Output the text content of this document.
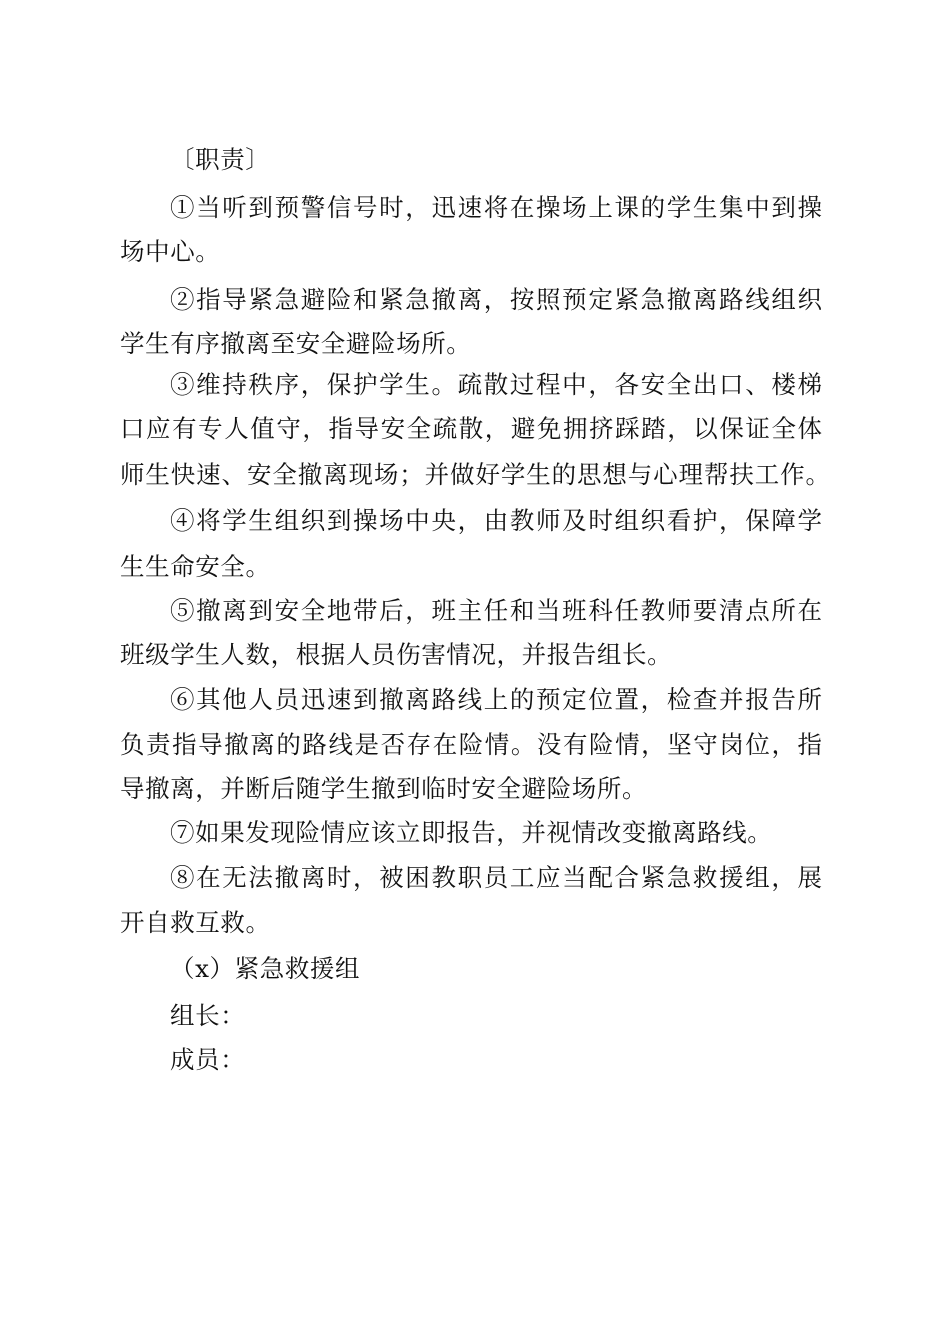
〔职责〕
①当听到预警信号时，迅速将在操场上课的学生集中到操
场中心。
②指导紧急避险和紧急撤离，按照预定紧急撤离路线组织
学生有序撤离至安全避险场所。
③维持秩序，保护学生。疏散过程中，各安全出口、楼梯
口应有专人值守，指导安全疏散，避免拥挤踩踏，以保证全体
师生快速、安全撤离现场；并做好学生的思想与心理帮扶工作。
④将学生组织到操场中央，由教师及时组织看护，保障学
生生命安全。
⑤撤离到安全地带后，班主任和当班科任教师要清点所在
班级学生人数，根据人员伤害情况，并报告组长。
⑥其他人员迅速到撤离路线上的预定位置，检查并报告所
负责指导撤离的路线是否存在险情。没有险情，坚守岗位，指
导撤离，并断后随学生撤到临时安全避险场所。
⑦如果发现险情应该立即报告，并视情改变撤离路线。
⑧在无法撤离时，被困教职员工应当配合紧急救援组，展
开自救互救。
（x）紧急救援组
组长：
成员：
